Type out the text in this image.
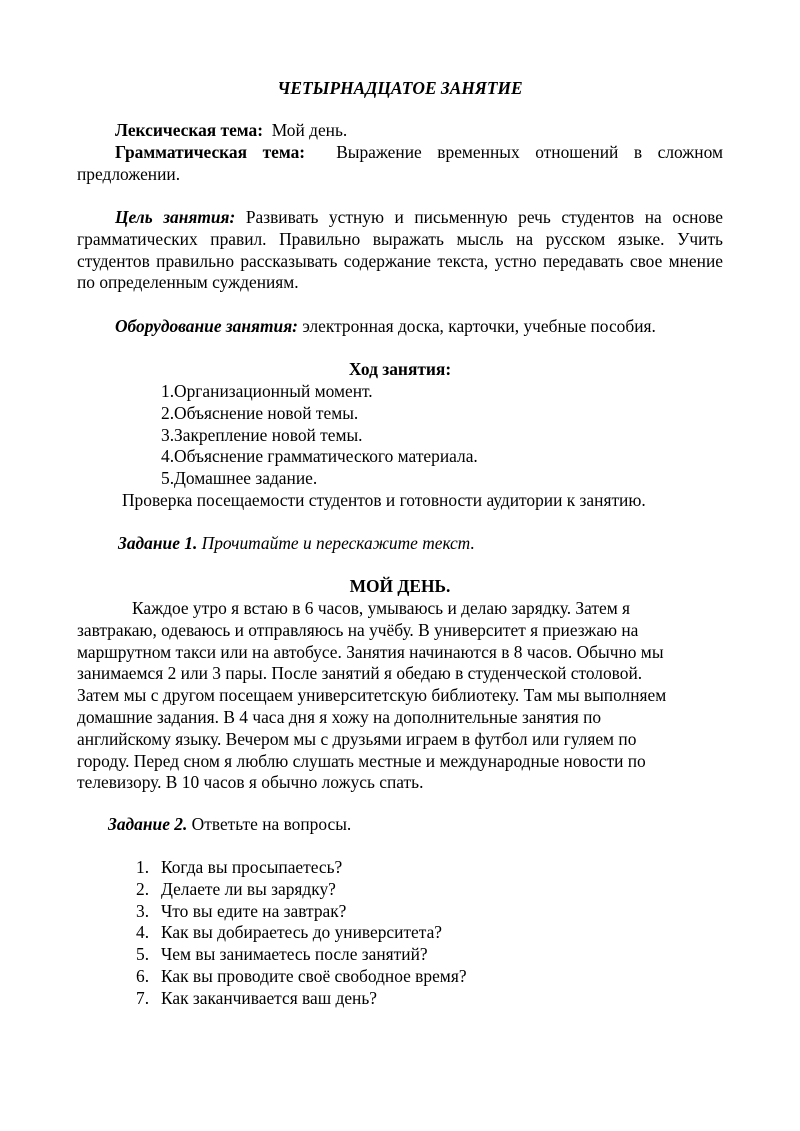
ЧЕТЫРНАДЦАТОЕ ЗАНЯТИЕ
Лексическая тема: Мой день.
Грамматическая тема: Выражение временных отношений в сложном предложении.
Цель занятия: Развивать устную и письменную речь студентов на основе грамматических правил. Правильно выражать мысль на русском языке. Учить студентов правильно рассказывать содержание текста, устно передавать свое мнение по определенным суждениям.
Оборудование занятия: электронная доска, карточки, учебные пособия.
Ход занятия:
1.Организационный момент.
2.Объяснение новой темы.
3.Закрепление новой темы.
4.Объяснение грамматического материала.
5.Домашнее задание.
Проверка посещаемости студентов и готовности аудитории к занятию.
Задание 1. Прочитайте и перескажите текст.
МОЙ ДЕНЬ.
Каждое утро я встаю в 6 часов, умываюсь и делаю зарядку. Затем я
завтракаю, одеваюсь и отправляюсь на учёбу. В университет я приезжаю на
маршрутном такси или на автобусе. Занятия начинаются в 8 часов. Обычно мы
занимаемся 2 или 3 пары. После занятий я обедаю в студенческой столовой.
Затем мы с другом посещаем университетскую библиотеку. Там мы выполняем
домашние задания. В 4 часа дня я хожу на дополнительные занятия по
английскому языку. Вечером мы с друзьями играем в футбол или гуляем по
городу. Перед сном я люблю слушать местные и международные новости по
телевизору. В 10 часов я обычно ложусь спать.
Задание 2. Ответьте на вопросы.
1. Когда вы просыпаетесь?
2. Делаете ли вы зарядку?
3. Что вы едите на завтрак?
4. Как вы добираетесь до университета?
5. Чем вы занимаетесь после занятий?
6. Как вы проводите своё свободное время?
7. Как заканчивается ваш день?
